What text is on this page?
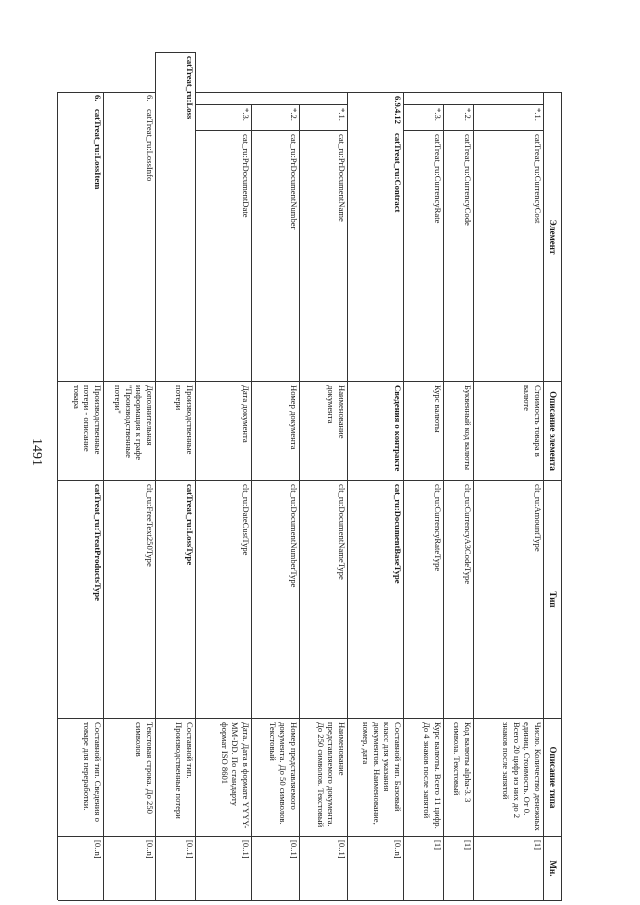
1491
Элемент
Описание элемента
Тип
Описание типа
Мн.
*.1.
catTreat_ru:CurrencyCost
Стоимость товара в валюте
clt_ru:AmountType
Число. Количество денежных единиц. Стоимость. От 0. Всего 20 цифр из них до 2 знаков после запятой
[1]
*.2.
catTreat_ru:CurrencyCode
Буквенный код валюты
clt_ru:CurrencyA3CodeType
Код валюты alpha-3. 3 символа. Текстовый
[1]
*.3.
catTreat_ru:CurrencyRate
Курс валюты
clt_ru:CurrencyRateType
Курс валюты. Всего 11 цифр. До 4 знаков после запятой
[1]
6.9.4.12
catTreat_ru:Contract
Сведения о контракте
cat_ru:DocumentBaseType
Составной тип. Базовый класс для указания документов. Наименование, номер, дата
[0..n]
*.1.
cat_ru:PrDocumentName
Наименование документа
clt_ru:DocumentNameType
Наименование представляемого документа. До 250 символов. Текстовый
[0..1]
*.2.
cat_ru:PrDocumentNumber
Номер документа
clt_ru:DocumentNumberType
Номер представляемого документа. До 50 символов. Текстовый
[0..1]
*.3.
cat_ru:PrDocumentDate
Дата документа
clt_ru:DateCustType
Дата. Дата в формате YYYY-MM-DD. По стандарту формат ISO 8601
[0..1]
catTreat_ru:Loss
Производственные потери
catTreat_ru:LossType
Составной тип. Производственные потери
[0..1]
6.
catTreat_ru:LossInfo
Дополнительная информация к графе "Производственные потери"
clt_ru:FreeText250Type
Текстовая строка. До 250 символов
[0..n]
6.
catTreat_ru:LossItem
Производственные потери - описание товара
catTreat_ru:TreatProductsType
Составной тип. Сведения о товаре для переработки.
[0..n]
